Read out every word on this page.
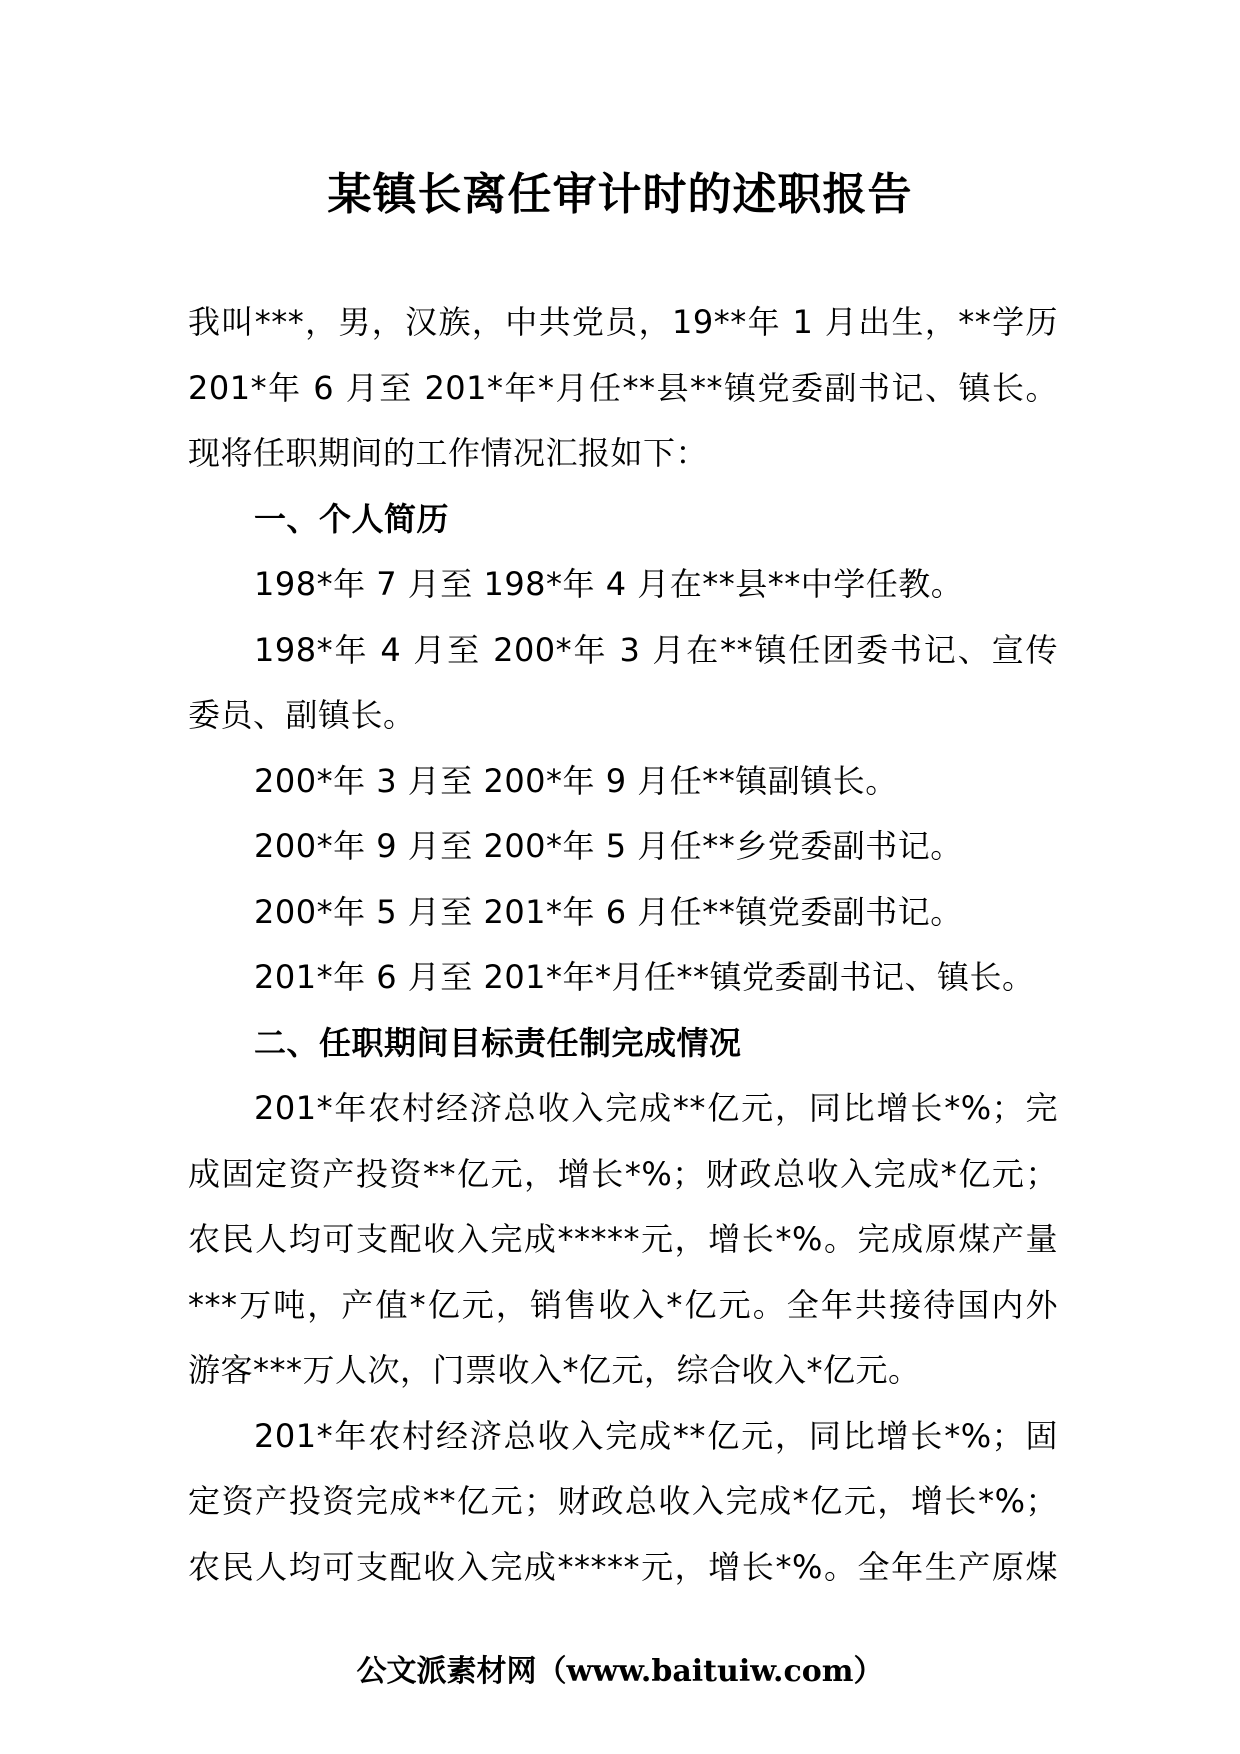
某镇长离任审计时的述职报告
我叫***，男，汉族，中共党员，19**年 1 月出生，**学历
201*年 6 月至 201*年*月任**县**镇党委副书记、镇长。
现将任职期间的工作情况汇报如下：
一、个人简历
198*年 7 月至 198*年 4 月在**县**中学任教。
198*年 4 月至 200*年 3 月在**镇任团委书记、宣传
委员、副镇长。
200*年 3 月至 200*年 9 月任**镇副镇长。
200*年 9 月至 200*年 5 月任**乡党委副书记。
200*年 5 月至 201*年 6 月任**镇党委副书记。
201*年 6 月至 201*年*月任**镇党委副书记、镇长。
二、任职期间目标责任制完成情况
201*年农村经济总收入完成**亿元，同比增长*%；完
成固定资产投资**亿元，增长*%；财政总收入完成*亿元；
农民人均可支配收入完成*****元，增长*%。完成原煤产量
***万吨，产值*亿元，销售收入*亿元。全年共接待国内外
游客***万人次，门票收入*亿元，综合收入*亿元。
201*年农村经济总收入完成**亿元，同比增长*%；固
定资产投资完成**亿元；财政总收入完成*亿元，增长*%；
农民人均可支配收入完成*****元，增长*%。全年生产原煤
公文派素材网（www.baituiw.com）
